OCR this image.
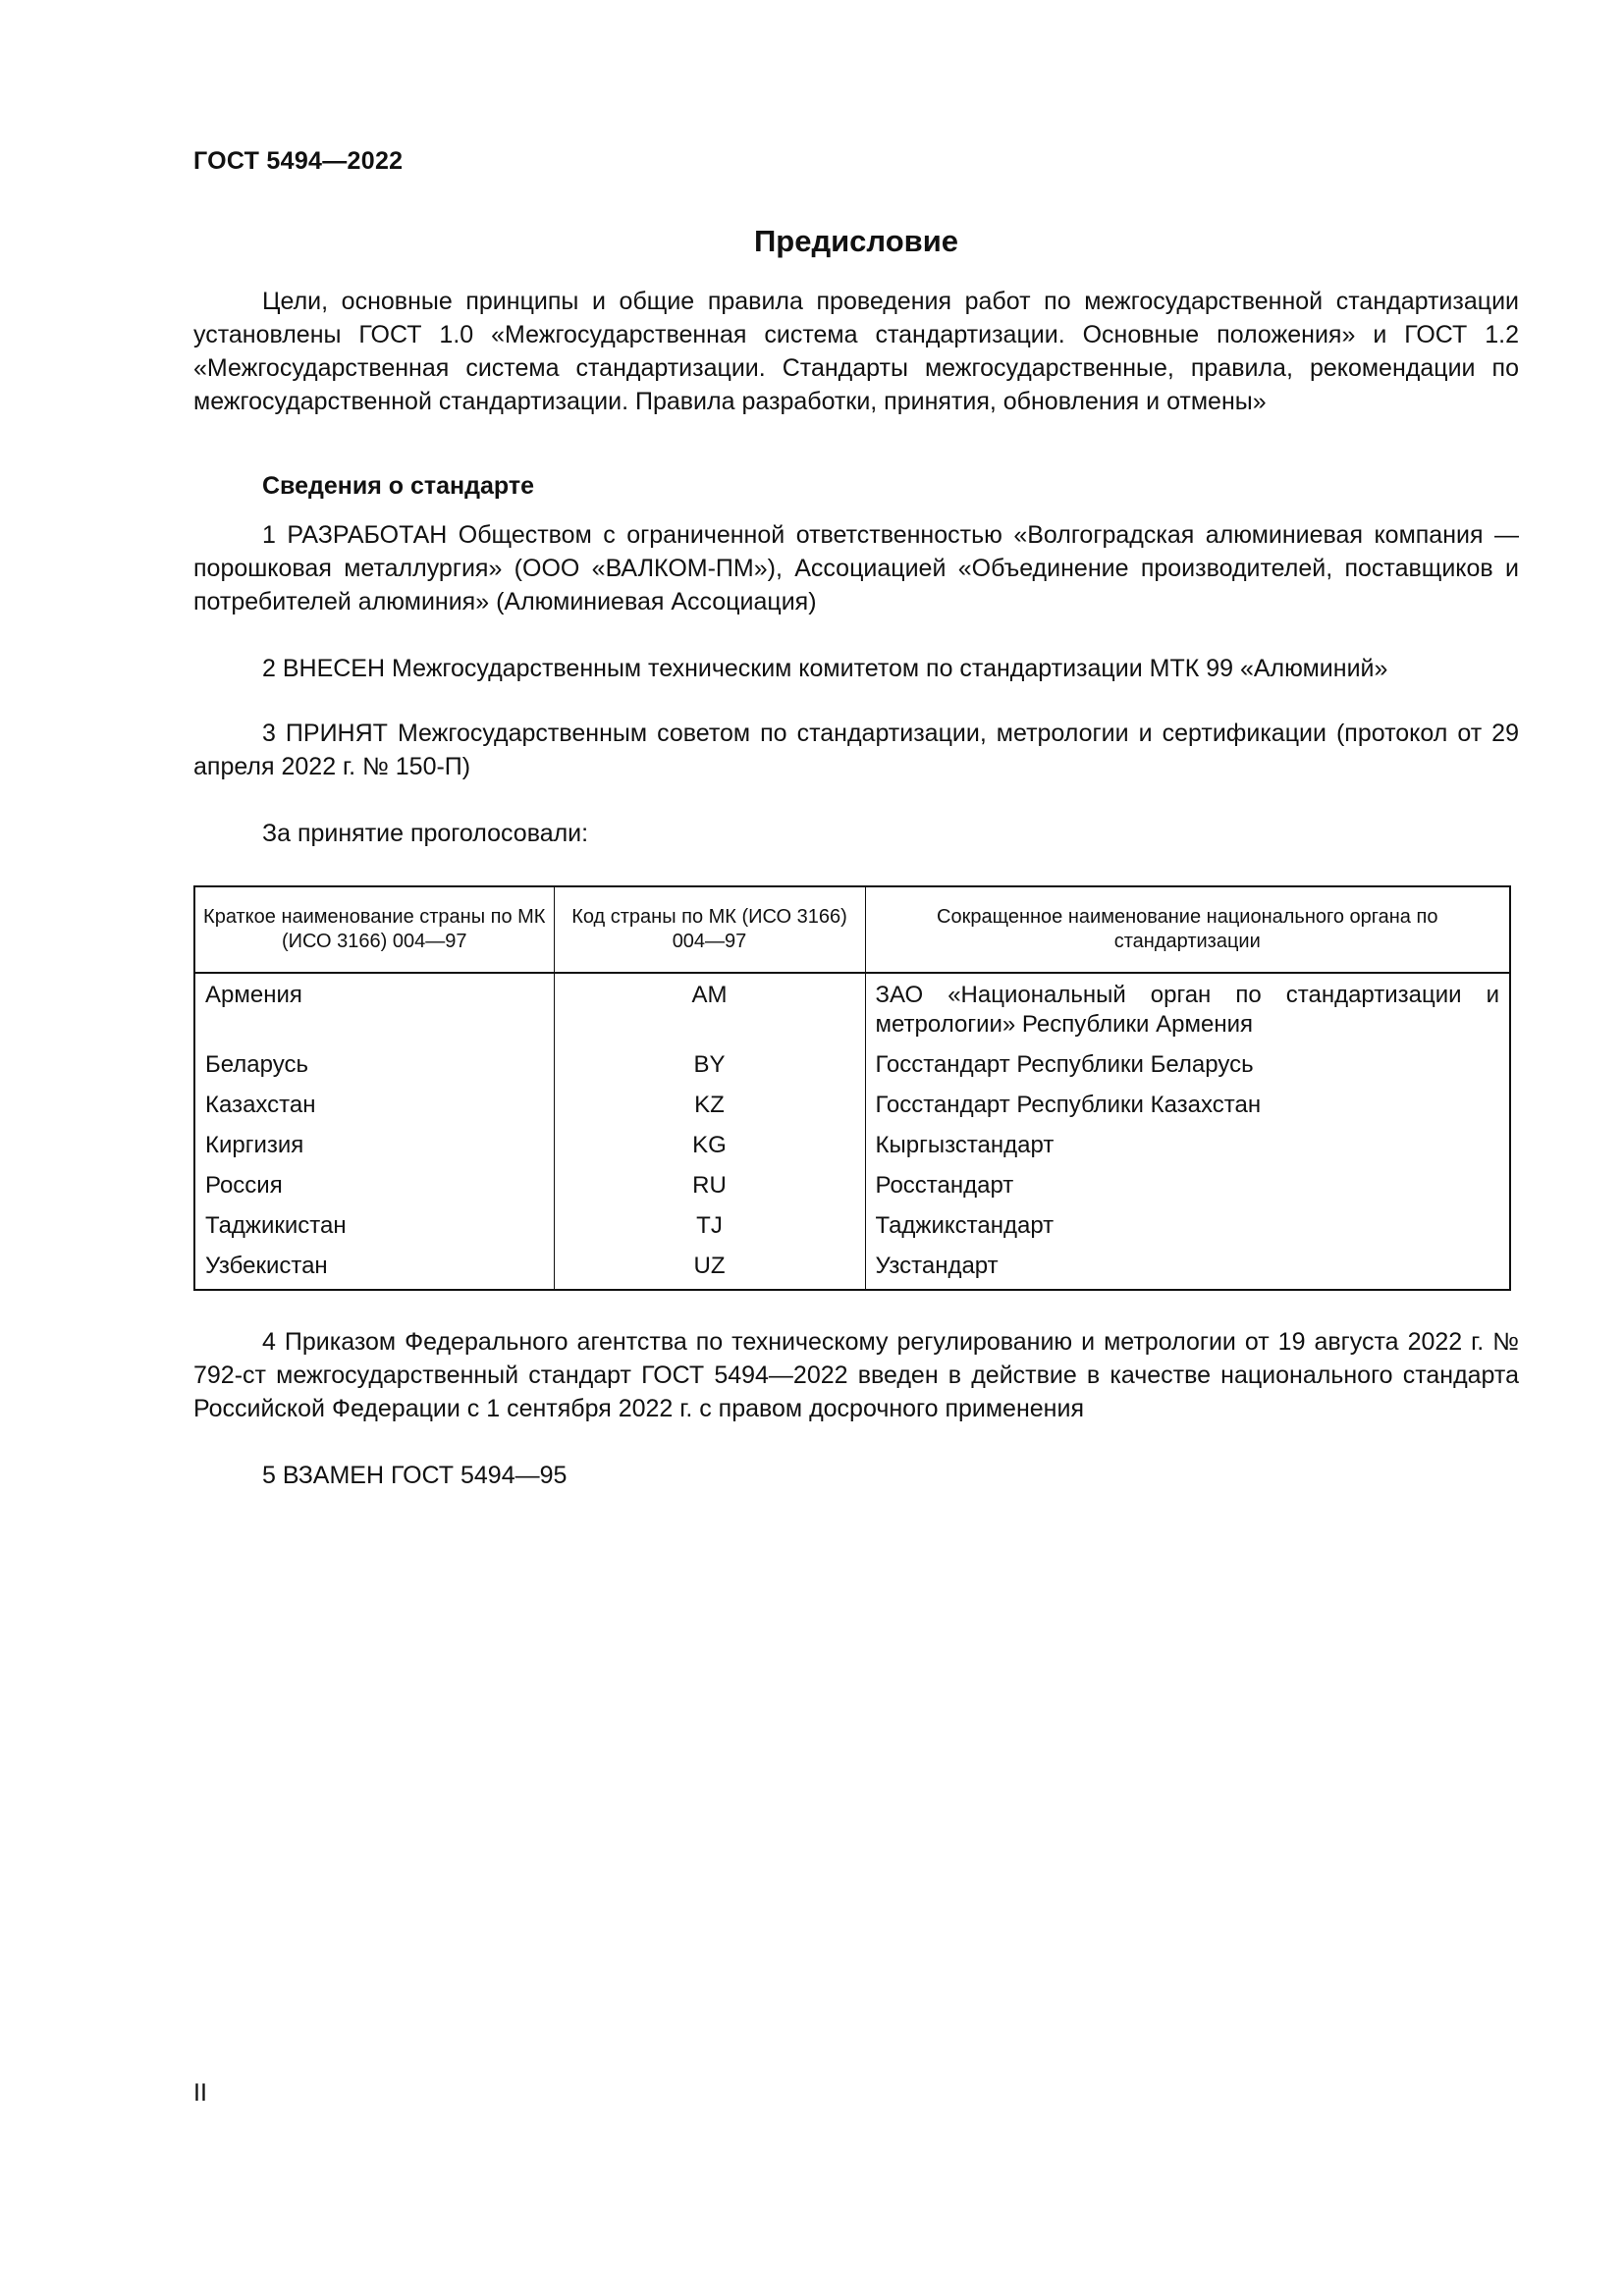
ГОСТ 5494—2022
Предисловие

Цели, основные принципы и общие правила проведения работ по межгосударственной стандартизации установлены ГОСТ 1.0 «Межгосударственная система стандартизации. Основные положения» и ГОСТ 1.2 «Межгосударственная система стандартизации. Стандарты межгосударственные, правила, рекомендации по межгосударственной стандартизации. Правила разработки, принятия, обновления и отмены»

Сведения о стандарте

1 РАЗРАБОТАН Обществом с ограниченной ответственностью «Волгоградская алюминиевая компания — порошковая металлургия» (ООО «ВАЛКОМ-ПМ»), Ассоциацией «Объединение производителей, поставщиков и потребителей алюминия» (Алюминиевая Ассоциация)

2 ВНЕСЕН Межгосударственным техническим комитетом по стандартизации МТК 99 «Алюминий»

3 ПРИНЯТ Межгосударственным советом по стандартизации, метрологии и сертификации (протокол от 29 апреля 2022 г. № 150-П)

За принятие проголосовали:

Краткое наименование страны по МК (ИСО 3166) 004—97	Код страны по МК (ИСО 3166) 004—97	Сокращенное наименование национального органа по стандартизации
Армения	AM	ЗАО «Национальный орган по стандартизации и метрологии» Республики Армения
Беларусь	BY	Госстандарт Республики Беларусь
Казахстан	KZ	Госстандарт Республики Казахстан
Киргизия	KG	Кыргызстандарт
Россия	RU	Росстандарт
Таджикистан	TJ	Таджикстандарт
Узбекистан	UZ	Узстандарт

4 Приказом Федерального агентства по техническому регулированию и метрологии от 19 августа 2022 г. № 792-ст межгосударственный стандарт ГОСТ 5494—2022 введен в действие в качестве национального стандарта Российской Федерации с 1 сентября 2022 г. с правом досрочного применения

5 ВЗАМЕН ГОСТ 5494—95

II
